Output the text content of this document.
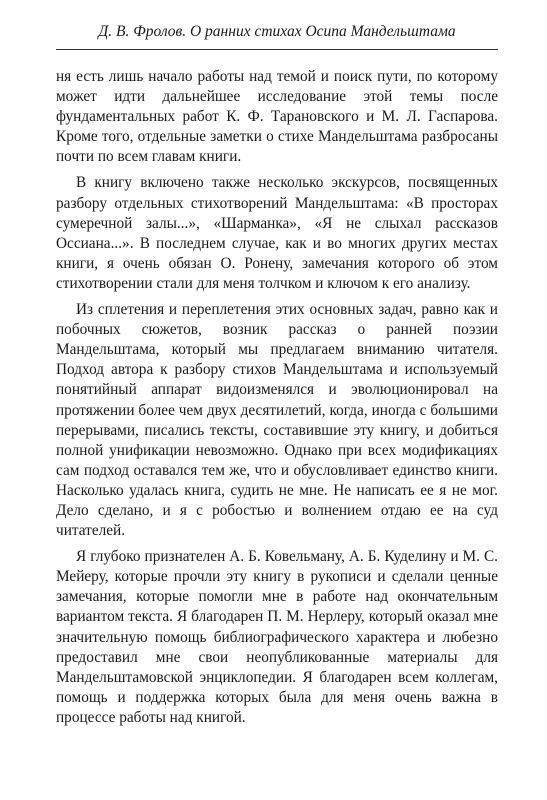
Д. В. Фролов. О ранних стихах Осипа Мандельштама

ня есть лишь начало работы над темой и поиск пути, по которому может идти дальнейшее исследование этой темы после фундаментальных работ К. Ф. Тарановского и М. Л. Гаспарова. Кроме того, отдельные заметки о стихе Мандельштама разбросаны почти по всем главам книги.

В книгу включено также несколько экскурсов, посвященных разбору отдельных стихотворений Мандельштама: «В просторах сумеречной залы...», «Шарманка», «Я не слыхал рассказов Оссиана...». В последнем случае, как и во многих других местах книги, я очень обязан О. Ронену, замечания которого об этом стихотворении стали для меня толчком и ключом к его анализу.

Из сплетения и переплетения этих основных задач, равно как и побочных сюжетов, возник рассказ о ранней поэзии Мандельштама, который мы предлагаем вниманию читателя. Подход автора к разбору стихов Мандельштама и используемый понятийный аппарат видоизменялся и эволюционировал на протяжении более чем двух десятилетий, когда, иногда с большими перерывами, писались тексты, составившие эту книгу, и добиться полной унификации невозможно. Однако при всех модификациях сам подход оставался тем же, что и обусловливает единство книги. Насколько удалась книга, судить не мне. Не написать ее я не мог. Дело сделано, и я с робостью и волнением отдаю ее на суд читателей.

Я глубоко признателен А. Б. Ковельману, А. Б. Куделину и М. С. Мейеру, которые прочли эту книгу в рукописи и сделали ценные замечания, которые помогли мне в работе над окончательным вариантом текста. Я благодарен П. М. Нерлеру, который оказал мне значительную помощь библиографического характера и любезно предоставил мне свои неопубликованные материалы для Мандельштамовской энциклопедии. Я благодарен всем коллегам, помощь и поддержка которых была для меня очень важна в процессе работы над книгой.
